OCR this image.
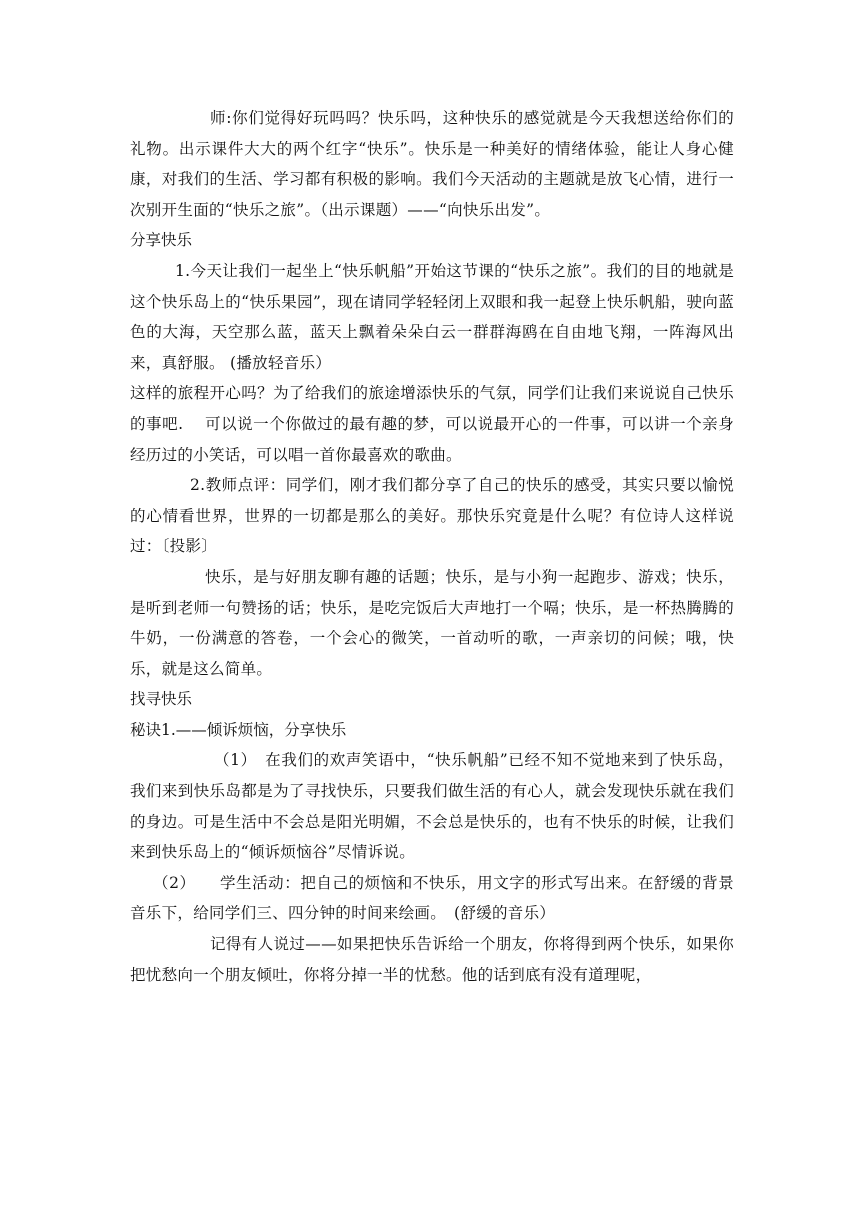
师:你们觉得好玩吗吗？快乐吗，这种快乐的感觉就是今天我想送给你们的礼物。出示课件大大的两个红字“快乐”。快乐是一种美好的情绪体验，能让人身心健康，对我们的生活、学习都有积极的影响。我们今天活动的主题就是放飞心情，进行一次别开生面的“快乐之旅”。（出示课题）——“向快乐出发”。

分享快乐

1.今天让我们一起坐上“快乐帆船”开始这节课的“快乐之旅”。我们的目的地就是这个快乐岛上的“快乐果园”，现在请同学轻轻闭上双眼和我一起登上快乐帆船，驶向蓝色的大海，天空那么蓝，蓝天上飘着朵朵白云一群群海鸥在自由地飞翔，一阵海风出来，真舒服。 (播放轻音乐）

这样的旅程开心吗？为了给我们的旅途增添快乐的气氛，同学们让我们来说说自己快乐的事吧.　 可以说一个你做过的最有趣的梦，可以说最开心的一件事，可以讲一个亲身经历过的小笑话，可以唱一首你最喜欢的歌曲。

2.教师点评：同学们，刚才我们都分享了自己的快乐的感受，其实只要以愉悦的心情看世界，世界的一切都是那么的美好。那快乐究竟是什么呢？有位诗人这样说过：〔投影〕

快乐，是与好朋友聊有趣的话题；快乐，是与小狗一起跑步、游戏；快乐，是听到老师一句赞扬的话；快乐，是吃完饭后大声地打一个嗝；快乐，是一杯热腾腾的牛奶，一份满意的答卷，一个会心的微笑，一首动听的歌，一声亲切的问候；哦，快乐，就是这么简单。

找寻快乐

秘诀1.——倾诉烦恼，分享快乐

（1）　在我们的欢声笑语中，“快乐帆船”已经不知不觉地来到了快乐岛，我们来到快乐岛都是为了寻找快乐，只要我们做生活的有心人，就会发现快乐就在我们的身边。可是生活中不会总是阳光明媚，不会总是快乐的，也有不快乐的时候，让我们来到快乐岛上的“倾诉烦恼谷”尽情诉说。

（2）　　学生活动：把自己的烦恼和不快乐，用文字的形式写出来。在舒缓的背景音乐下，给同学们三、四分钟的时间来绘画。　(舒缓的音乐）

记得有人说过——如果把快乐告诉给一个朋友，你将得到两个快乐，如果你把忧愁向一个朋友倾吐，你将分掉一半的忧愁。他的话到底有没有道理呢，
